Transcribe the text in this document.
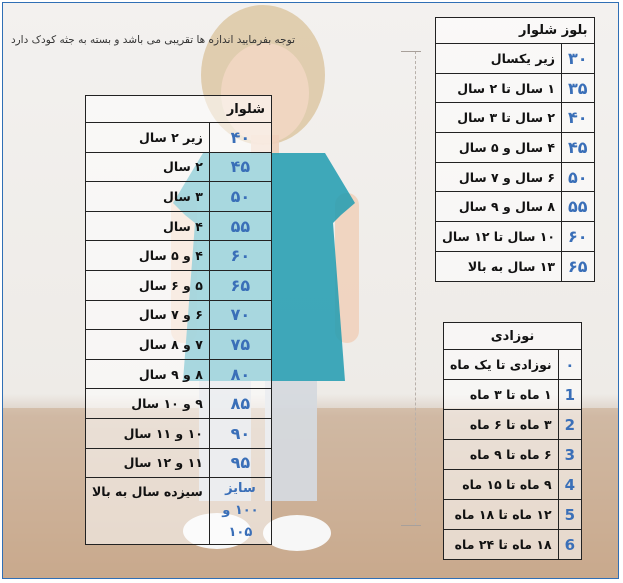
توجه بفرمایید اندازه ها تقریبی می باشد و بسته به جثه کودک دارد
شلوار	
۴۰	زیر ۲ سال
۴۵	۲ سال
۵۰	۳ سال
۵۵	۴ سال
۶۰	۴ و ۵ سال
۶۵	۵ و ۶ سال
۷۰	۶ و ۷ سال
۷۵	۷ و ۸ سال
۸۰	۸ و ۹ سال
۸۵	۹ و ۱۰ سال
۹۰	۱۰ و ۱۱ سال
۹۵	۱۱ و ۱۲ سال
سایز ۱۰۰ و ۱۰۵	سیزده سال به بالا
بلوز شلوار	
۳۰	زیر یکسال
۳۵	۱ سال تا ۲ سال
۴۰	۲ سال تا ۳ سال
۴۵	۴ سال و ۵ سال
۵۰	۶ سال و ۷ سال
۵۵	۸ سال و ۹ سال
۶۰	۱۰ سال تا ۱۲ سال
۶۵	۱۳ سال به بالا
نوزادی	
۰	نوزادی تا یک ماه
1	۱ ماه تا ۳ ماه
2	۳ ماه تا ۶ ماه
3	۶ ماه تا ۹ ماه
4	۹ ماه تا ۱۵ ماه
5	۱۲ ماه تا ۱۸ ماه
6	۱۸ ماه تا ۲۴ ماه
